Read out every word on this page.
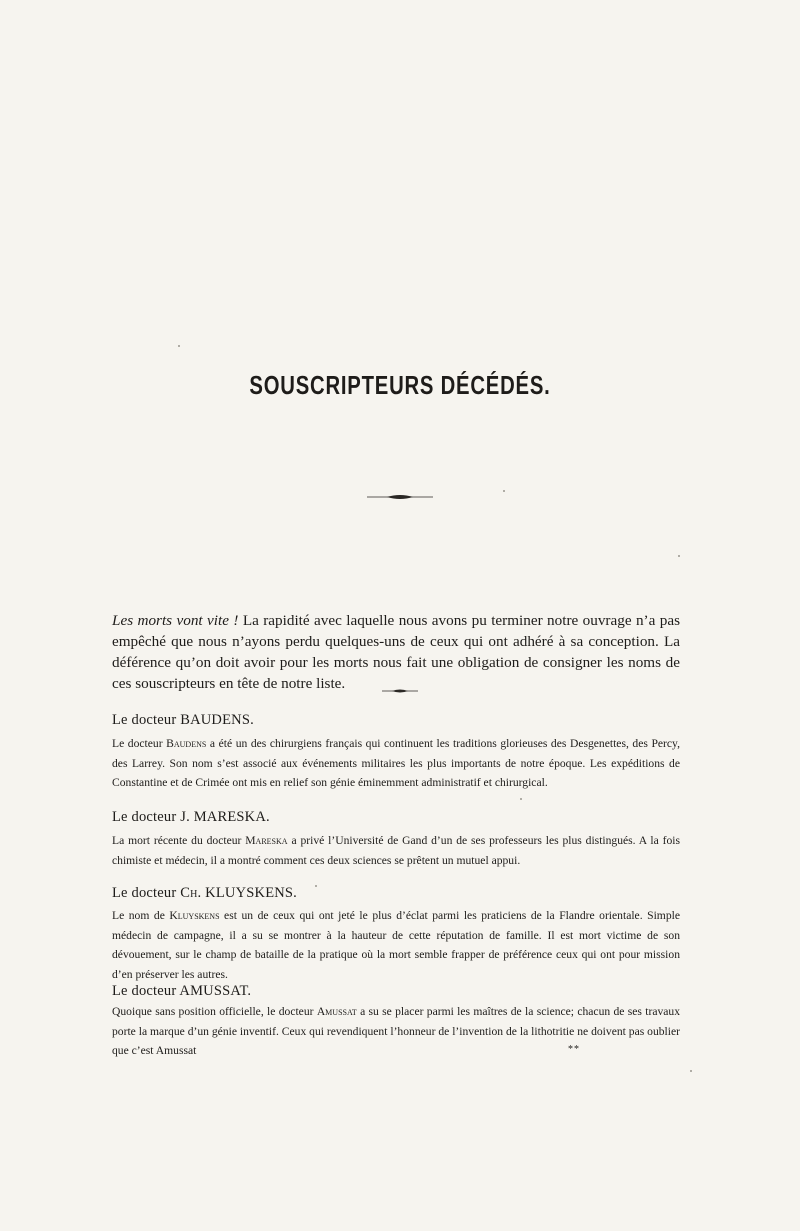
SOUSCRIPTEURS DÉCÉDÉS.

Les morts vont vite ! La rapidité avec laquelle nous avons pu terminer notre ouvrage n’a pas empêché que nous n’ayons perdu quelques-uns de ceux qui ont adhéré à sa conception. La déférence qu’on doit avoir pour les morts nous fait une obligation de consigner les noms de ces souscripteurs en tête de notre liste.

Le docteur BAUDENS.

Le docteur Baudens a été un des chirurgiens français qui continuent les traditions glorieuses des Desgenettes, des Percy, des Larrey. Son nom s’est associé aux événements militaires les plus importants de notre époque. Les expéditions de Constantine et de Crimée ont mis en relief son génie éminemment administratif et chirurgical.

Le docteur J. MARESKA.

La mort récente du docteur Mareska a privé l’Université de Gand d’un de ses professeurs les plus distingués. A la fois chimiste et médecin, il a montré comment ces deux sciences se prêtent un mutuel appui.

Le docteur Ch. KLUYSKENS.

Le nom de Kluyskens est un de ceux qui ont jeté le plus d’éclat parmi les praticiens de la Flandre orientale. Simple médecin de campagne, il a su se montrer à la hauteur de cette réputation de famille. Il est mort victime de son dévouement, sur le champ de bataille de la pratique où la mort semble frapper de préférence ceux qui ont pour mission d’en préserver les autres.

Le docteur AMUSSAT.

Quoique sans position officielle, le docteur Amussat a su se placer parmi les maîtres de la science; chacun de ses travaux porte la marque d’un génie inventif. Ceux qui revendiquent l’honneur de l’invention de la lithotritie ne doivent pas oublier que c’est Amussat	**
